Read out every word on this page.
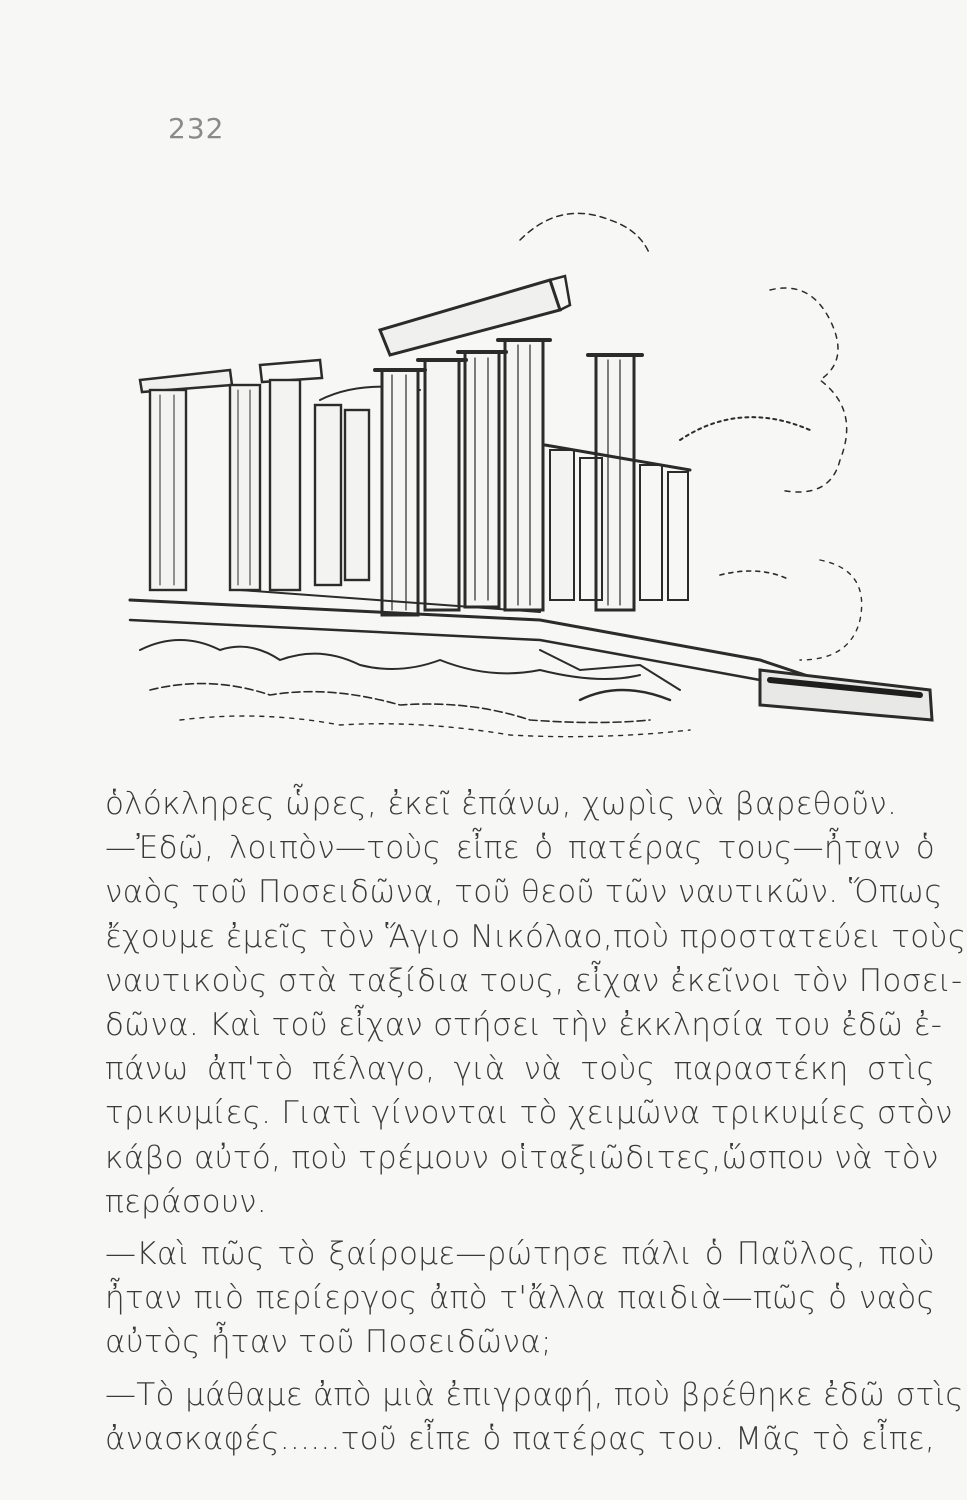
232
ὁλόκληρες ὧρες, ἐκεῖ ἐπάνω, χωρὶς νὰ βαρεθοῦν.
—Ἐδῶ, λοιπὸν—τοὺς εἶπε ὁ πατέρας τους—ἦταν ὁ
ναὸς τοῦ Ποσειδῶνα, τοῦ θεοῦ τῶν ναυτικῶν. Ὅπως
ἔχουμε ἐμεῖς τὸν Ἅγιο Νικόλαο,ποὺ προστατεύει τοὺς
ναυτικοὺς στὰ ταξίδια τους, εἶχαν ἐκεῖνοι τὸν Ποσει-
δῶνα. Καὶ τοῦ εἶχαν στήσει τὴν ἐκκλησία του ἐδῶ ἐ-
πάνω ἀπ'τὸ πέλαγο, γιὰ νὰ τοὺς παραστέκη στὶς
τρικυμίες. Γιατὶ γίνονται τὸ χειμῶνα τρικυμίες στὸν
κάβο αὐτό, ποὺ τρέμουν οἱταξιῶδιτες,ὥσπου νὰ τὸν
περάσουν.
—Καὶ πῶς τὸ ξαίρομε—ρώτησε πάλι ὁ Παῦλος, ποὺ
ἦταν πιὸ περίεργος ἀπὸ τ'ἄλλα παιδιὰ—πῶς ὁ ναὸς
αὐτὸς ἦταν τοῦ Ποσειδῶνα;
—Τὸ μάθαμε ἀπὸ μιὰ ἐπιγραφή, ποὺ βρέθηκε ἐδῶ στὶς
ἀνασκαφές......τοῦ εἶπε ὁ πατέρας του. Μᾶς τὸ εἶπε,
